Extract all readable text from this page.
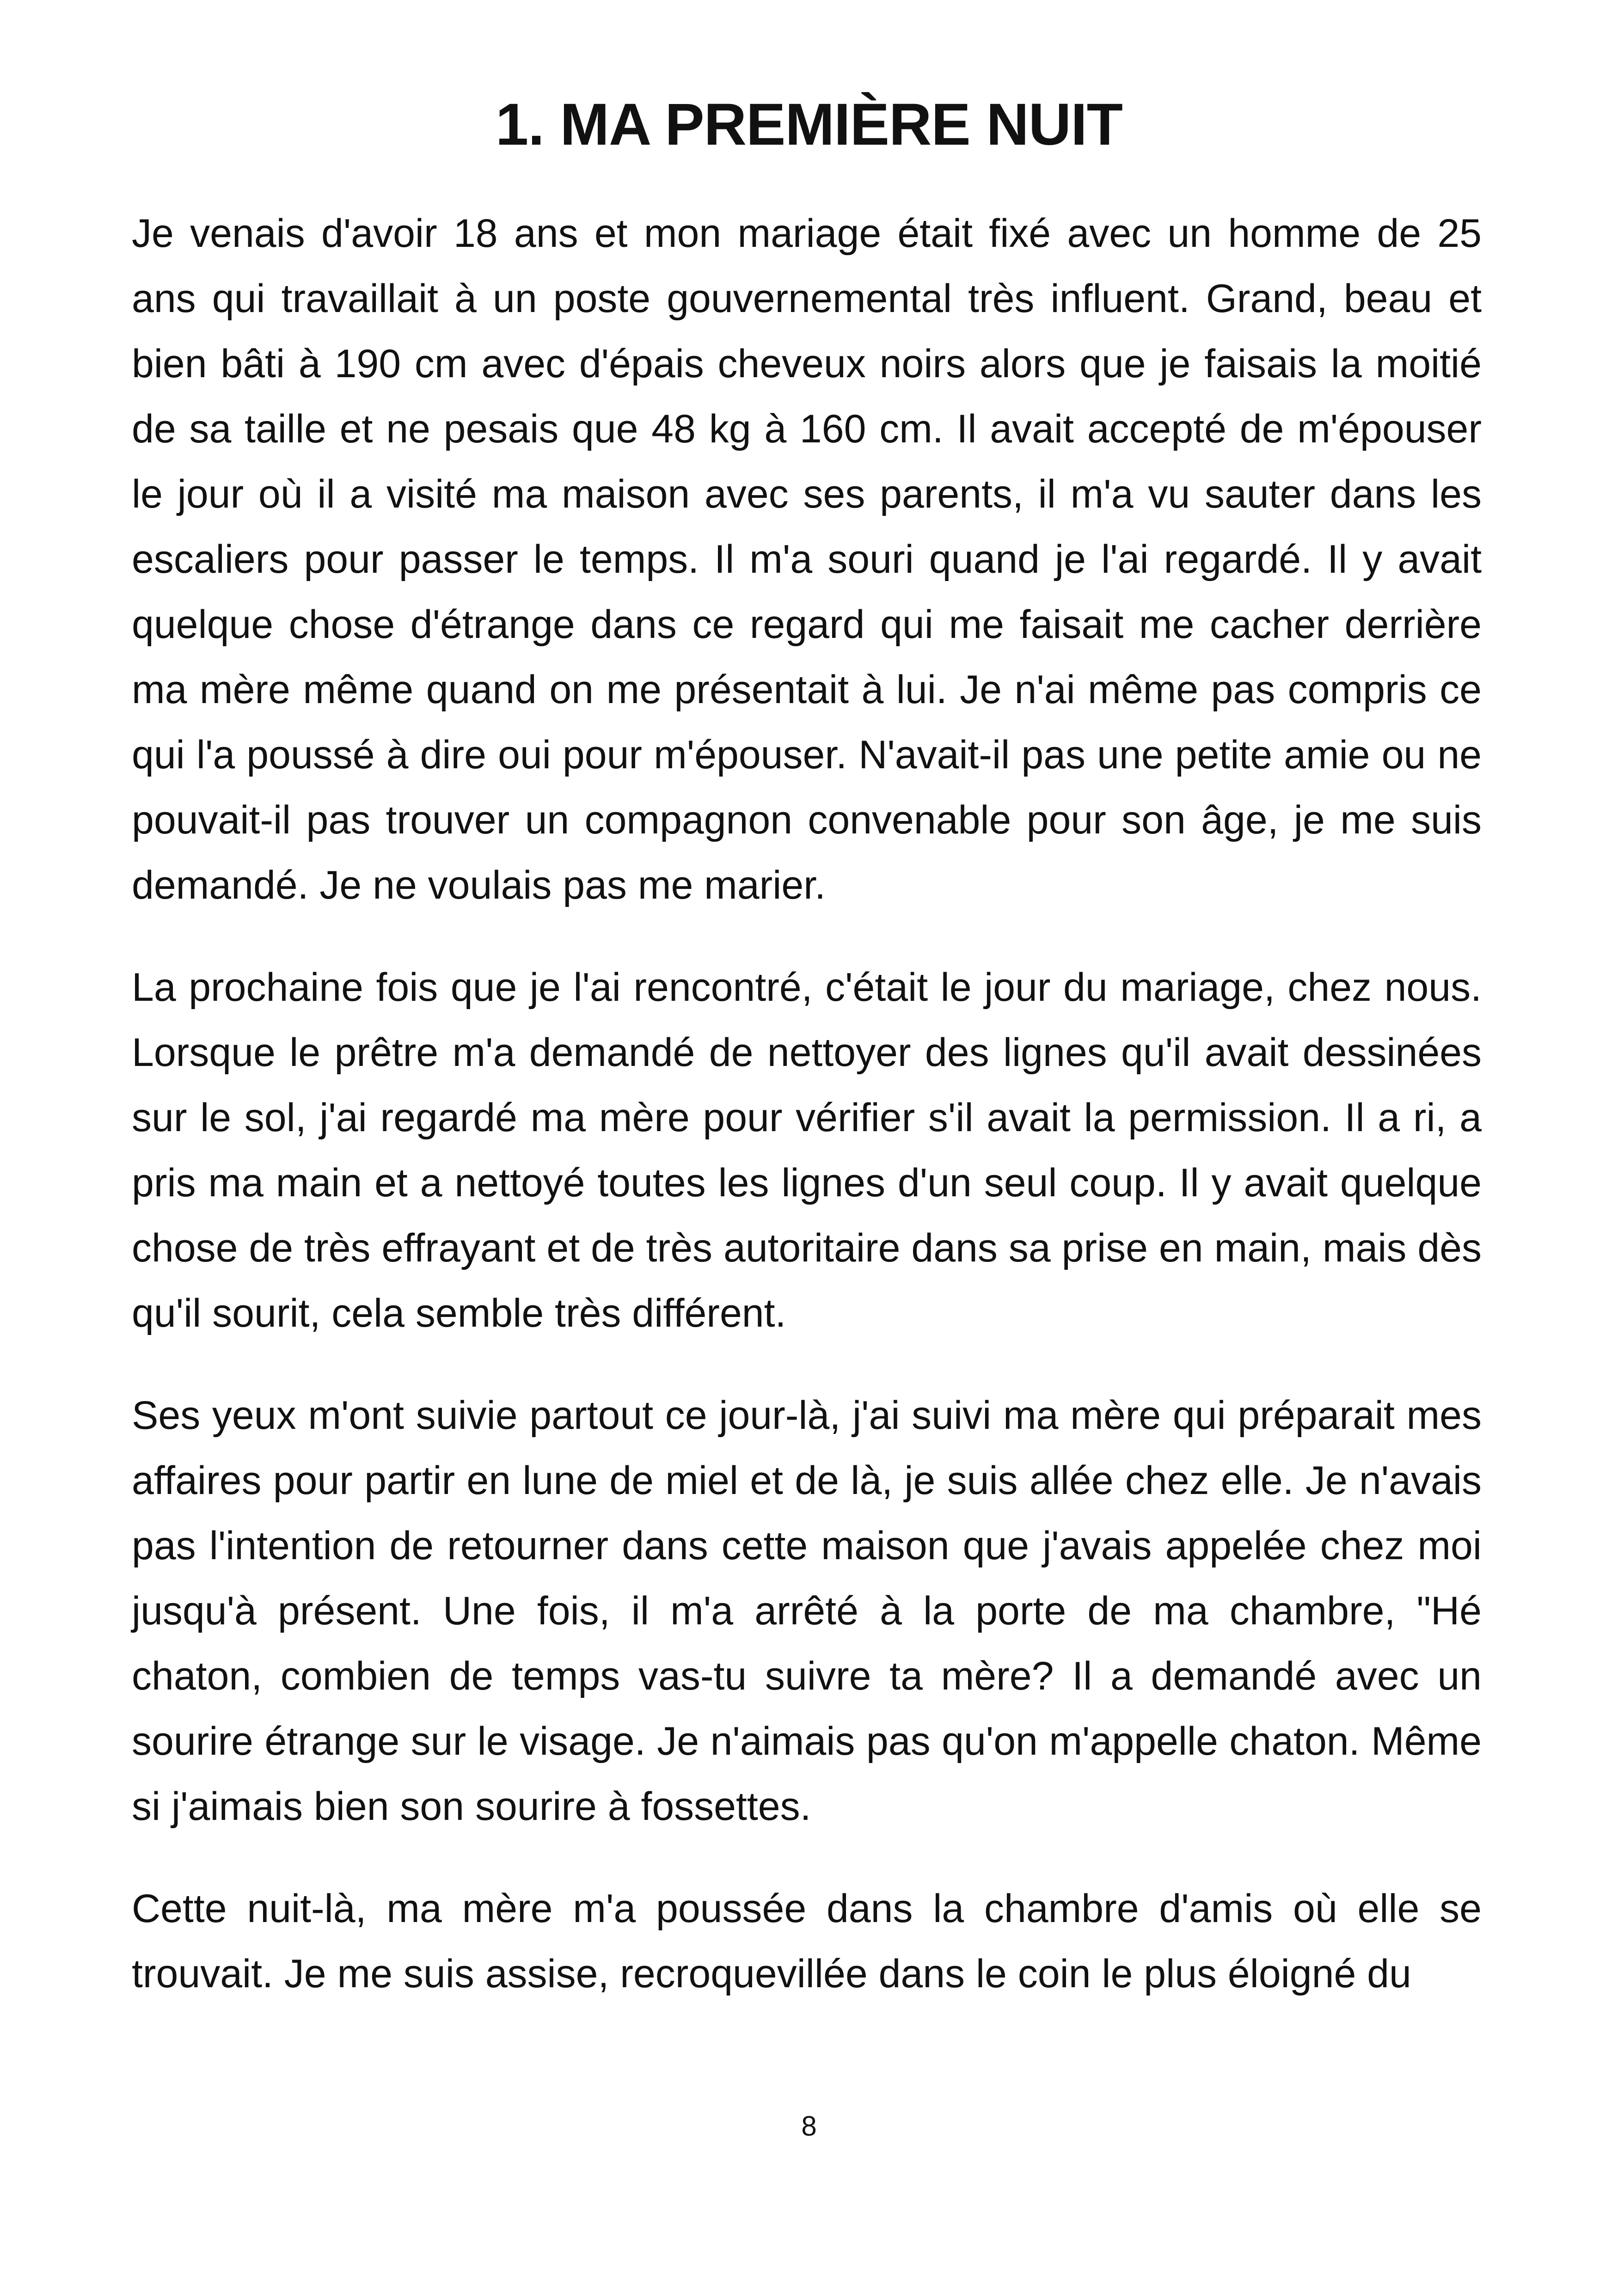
1. MA PREMIÈRE NUIT

Je venais d'avoir 18 ans et mon mariage était fixé avec un homme de 25 ans qui travaillait à un poste gouvernemental très influent. Grand, beau et bien bâti à 190 cm avec d'épais cheveux noirs alors que je faisais la moitié de sa taille et ne pesais que 48 kg à 160 cm. Il avait accepté de m'épouser le jour où il a visité ma maison avec ses parents, il m'a vu sauter dans les escaliers pour passer le temps. Il m'a souri quand je l'ai regardé. Il y avait quelque chose d'étrange dans ce regard qui me faisait me cacher derrière ma mère même quand on me présentait à lui. Je n'ai même pas compris ce qui l'a poussé à dire oui pour m'épouser. N'avait-il pas une petite amie ou ne pouvait-il pas trouver un compagnon convenable pour son âge, je me suis demandé. Je ne voulais pas me marier.

La prochaine fois que je l'ai rencontré, c'était le jour du mariage, chez nous. Lorsque le prêtre m'a demandé de nettoyer des lignes qu'il avait dessinées sur le sol, j'ai regardé ma mère pour vérifier s'il avait la permission. Il a ri, a pris ma main et a nettoyé toutes les lignes d'un seul coup. Il y avait quelque chose de très effrayant et de très autoritaire dans sa prise en main, mais dès qu'il sourit, cela semble très différent.

Ses yeux m'ont suivie partout ce jour-là, j'ai suivi ma mère qui préparait mes affaires pour partir en lune de miel et de là, je suis allée chez elle. Je n'avais pas l'intention de retourner dans cette maison que j'avais appelée chez moi jusqu'à présent. Une fois, il m'a arrêté à la porte de ma chambre, "Hé chaton, combien de temps vas-tu suivre ta mère? Il a demandé avec un sourire étrange sur le visage. Je n'aimais pas qu'on m'appelle chaton. Même si j'aimais bien son sourire à fossettes.

Cette nuit-là, ma mère m'a poussée dans la chambre d'amis où elle se trouvait. Je me suis assise, recroquevillée dans le coin le plus éloigné du

8
